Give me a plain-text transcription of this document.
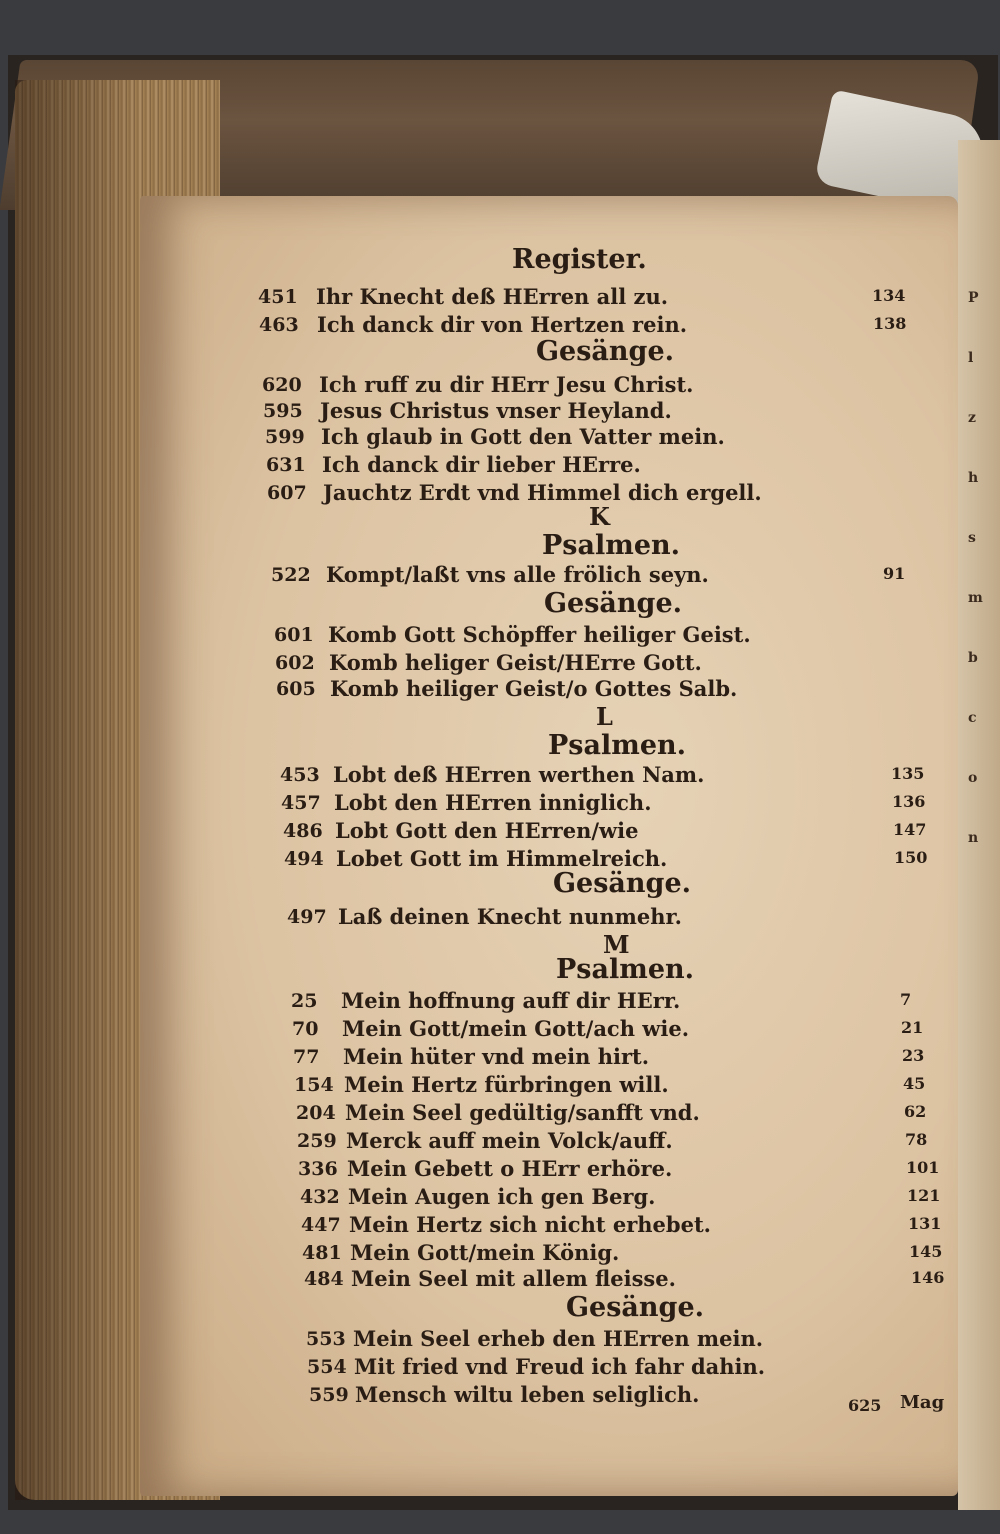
P
l
z
h
s
m
b
c
o
n
Register.
451 Ihr Knecht deß HErren all zu.	134
463 Ich danck dir von Hertzen rein.	138
Gesänge.
620 Ich ruff zu dir HErr Jesu Christ.
595 Jesus Christus vnser Heyland.
599 Ich glaub in Gott den Vatter mein.
631 Ich danck dir lieber HErre.
607 Jauchtz Erdt vnd Himmel dich ergell.
K
Psalmen.
522 Kompt/laßt vns alle frölich seyn.	91
Gesänge.
601 Komb Gott Schöpffer heiliger Geist.
602 Komb heliger Geist/HErre Gott.
605 Komb heiliger Geist/o Gottes Salb.
L
Psalmen.
453 Lobt deß HErren werthen Nam.	135
457 Lobt den HErren inniglich.	136
486 Lobt Gott den HErren/wie	147
494 Lobet Gott im Himmelreich.	150
Gesänge.
497 Laß deinen Knecht nunmehr.
M
Psalmen.
25 Mein hoffnung auff dir HErr.	7
70 Mein Gott/mein Gott/ach wie.	21
77 Mein hüter vnd mein hirt.	23
154 Mein Hertz fürbringen will.	45
204 Mein Seel gedültig/sanfft vnd.	62
259 Merck auff mein Volck/auff.	78
336 Mein Gebett o HErr erhöre.	101
432 Mein Augen ich gen Berg.	121
447 Mein Hertz sich nicht erhebet.	131
481 Mein Gott/mein König.	145
484 Mein Seel mit allem fleisse.	146
Gesänge.
553 Mein Seel erheb den HErren mein.
554 Mit fried vnd Freud ich fahr dahin.
559 Mensch wiltu leben seliglich.	625 Mag
